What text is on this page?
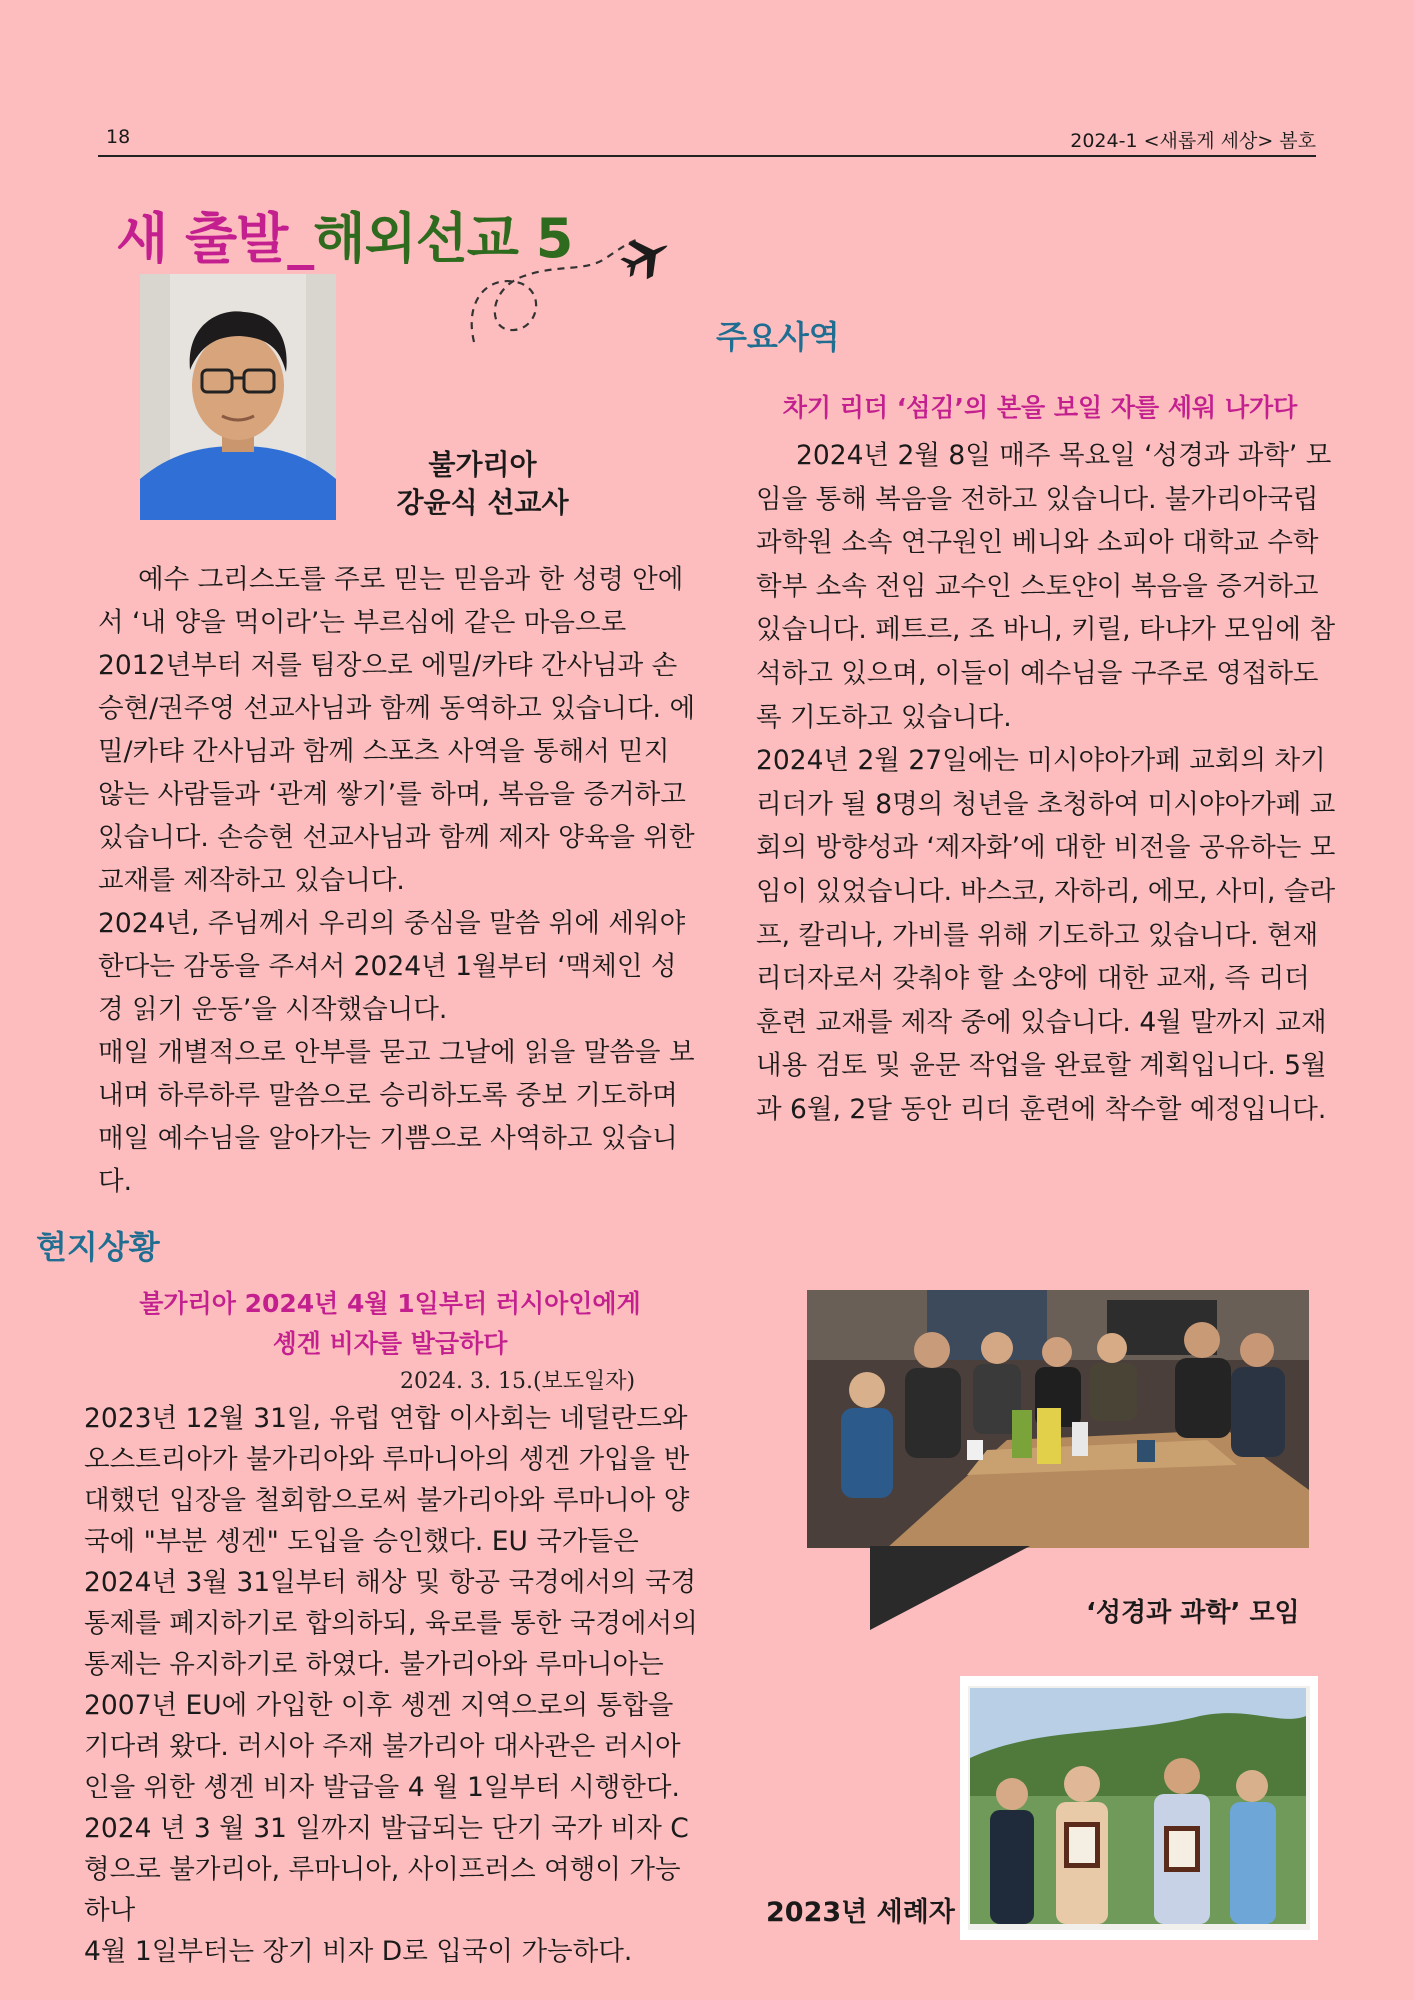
18	2024-1 <새롭게 세상> 봄호
새 출발_해외선교 5
불가리아
강윤식 선교사

예수 그리스도를 주로 믿는 믿음과 한 성령 안에서 ‘내 양을 먹이라’는 부르심에 같은 마음으로 2012년부터 저를 팀장으로 에밀/카탸 간사님과 손승현/권주영 선교사님과 함께 동역하고 있습니다. 에밀/카탸 간사님과 함께 스포츠 사역을 통해서 믿지 않는 사람들과 ‘관계 쌓기’를 하며, 복음을 증거하고 있습니다. 손승현 선교사님과 함께 제자 양육을 위한 교재를 제작하고 있습니다.

2024년, 주님께서 우리의 중심을 말씀 위에 세워야 한다는 감동을 주셔서 2024년 1월부터 ‘맥체인 성경 읽기 운동’을 시작했습니다.

매일 개별적으로 안부를 묻고 그날에 읽을 말씀을 보내며 하루하루 말씀으로 승리하도록 중보 기도하며 매일 예수님을 알아가는 기쁨으로 사역하고 있습니다.

주요사역
차기 리더 ‘섬김’의 본을 보일 자를 세워 나가다

2024년 2월 8일 매주 목요일 ‘성경과 과학’ 모임을 통해 복음을 전하고 있습니다. 불가리아국립과학원 소속 연구원인 베니와 소피아 대학교 수학학부 소속 전임 교수인 스토얀이 복음을 증거하고 있습니다. 페트르, 조 바니, 키릴, 타냐가 모임에 참석하고 있으며, 이들이 예수님을 구주로 영접하도록 기도하고 있습니다.

2024년 2월 27일에는 미시야아가페 교회의 차기 리더가 될 8명의 청년을 초청하여 미시야아가페 교회의 방향성과 ‘제자화’에 대한 비전을 공유하는 모임이 있었습니다. 바스코, 자하리, 에모, 사미, 슬라프, 칼리나, 가비를 위해 기도하고 있습니다. 현재 리더자로서 갖춰야 할 소양에 대한 교재, 즉 리더 훈련 교재를 제작 중에 있습니다. 4월 말까지 교재 내용 검토 및 윤문 작업을 완료할 계획입니다. 5월과 6월, 2달 동안 리더 훈련에 착수할 예정입니다.

현지상황
불가리아 2024년 4월 1일부터 러시아인에게
솅겐 비자를 발급하다
2024. 3. 15.(보도일자)

2023년 12월 31일, 유럽 연합 이사회는 네덜란드와 오스트리아가 불가리아와 루마니아의 솅겐 가입을 반대했던 입장을 철회함으로써 불가리아와 루마니아 양국에 "부분 솅겐" 도입을 승인했다. EU 국가들은 2024년 3월 31일부터 해상 및 항공 국경에서의 국경 통제를 폐지하기로 합의하되, 육로를 통한 국경에서의 통제는 유지하기로 하였다. 불가리아와 루마니아는 2007년 EU에 가입한 이후 솅겐 지역으로의 통합을 기다려 왔다. 러시아 주재 불가리아 대사관은 러시아인을 위한 솅겐 비자 발급을 4 월 1일부터 시행한다. 2024 년 3 월 31 일까지 발급되는 단기 국가 비자 C 형으로 불가리아, 루마니아, 사이프러스 여행이 가능하나

4월 1일부터는 장기 비자 D로 입국이 가능하다.

‘성경과 과학’ 모임
2023년 세례자
